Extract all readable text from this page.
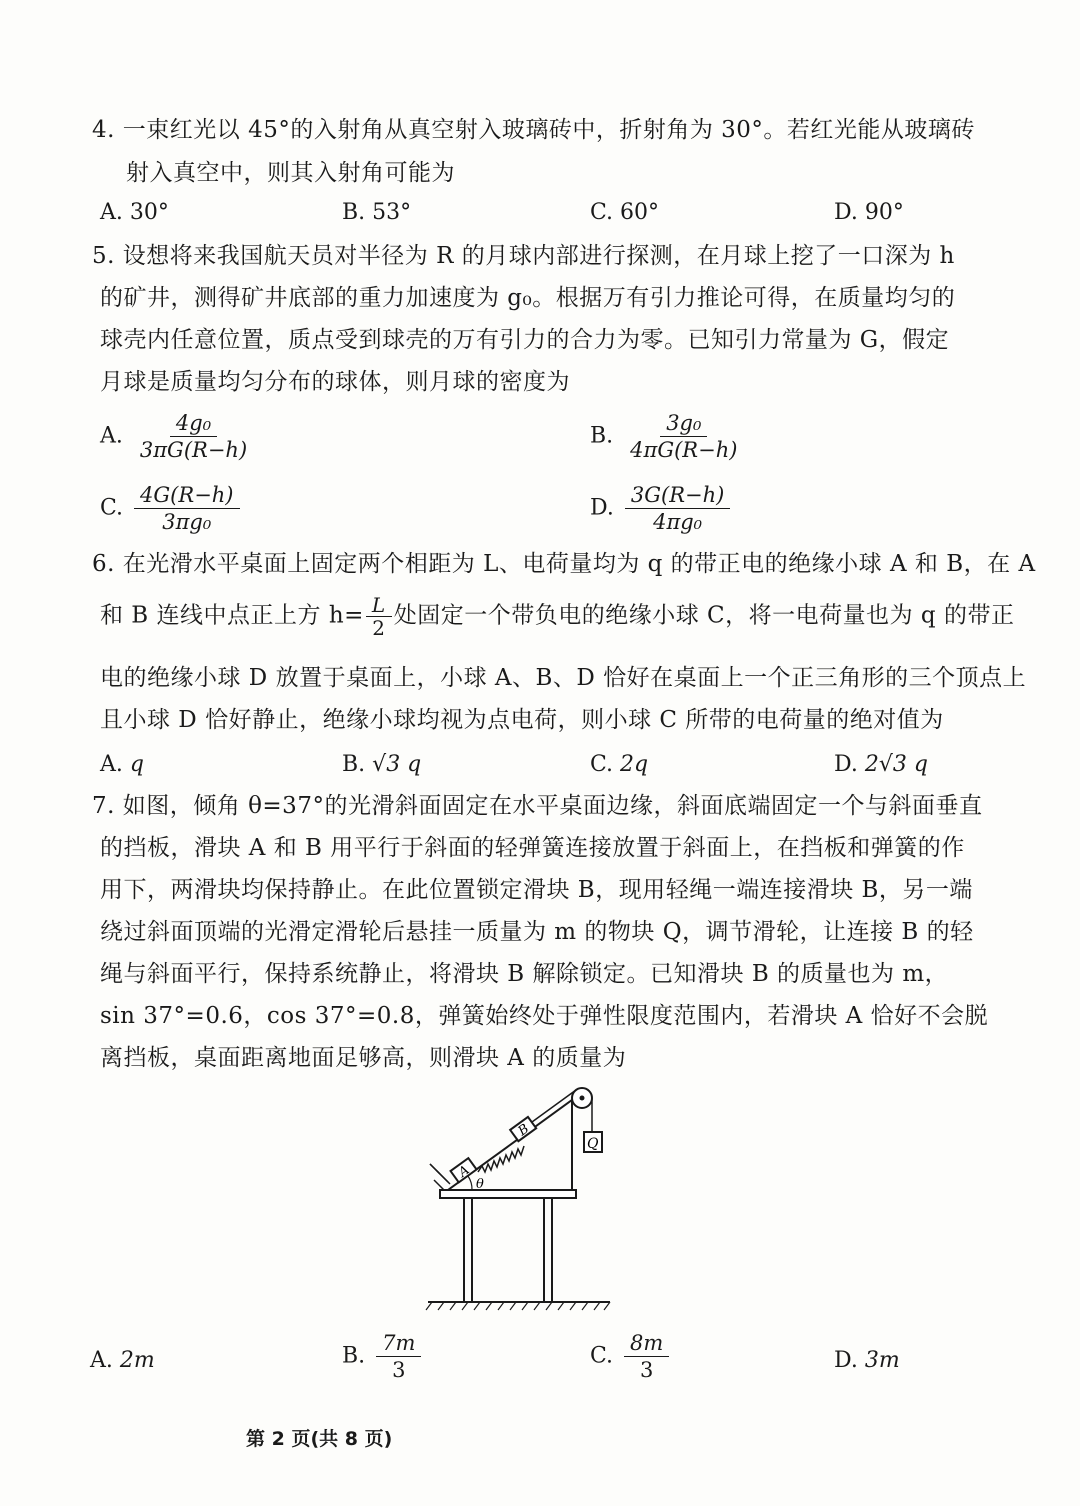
4. 一束红光以 45°的入射角从真空射入玻璃砖中，折射角为 30°。若红光能从玻璃砖
射入真空中，则其入射角可能为
A. 30°	B. 53°	C. 60°	D. 90°
5. 设想将来我国航天员对半径为 R 的月球内部进行探测，在月球上挖了一口深为 h
的矿井，测得矿井底部的重力加速度为 g₀。根据万有引力推论可得，在质量均匀的
球壳内任意位置，质点受到球壳的万有引力的合力为零。已知引力常量为 G，假定
月球是质量均匀分布的球体，则月球的密度为
A. $\frac{\text{4g₀}}{3\pi G(R-h)}$	B. $\frac{\text{3g₀}}{4\pi G(R-h)}$
C. $\frac{4G(R-h)}{\text{3πg₀}}$	D. $\frac{3G(R-h)}{\text{4πg₀}}$
6. 在光滑水平桌面上固定两个相距为 L、电荷量均为 q 的带正电的绝缘小球 A 和 B，在 A
和 B 连线中点正上方 $h= \frac{L}{2}$ 处固定一个带负电的绝缘小球 C，将一电荷量也为 q 的带正
电的绝缘小球 D 放置于桌面上，小球 A、B、D 恰好在桌面上一个正三角形的三个顶点上
且小球 D 恰好静止，绝缘小球均视为点电荷，则小球 C 所带的电荷量的绝对值为
A. q	B. √3 q	C. 2q	D. 2√3 q
7. 如图，倾角 θ=37°的光滑斜面固定在水平桌面边缘，斜面底端固定一个与斜面垂直
的挡板，滑块 A 和 B 用平行于斜面的轻弹簧连接放置于斜面上，在挡板和弹簧的作
用下，两滑块均保持静止。在此位置锁定滑块 B，现用轻绳一端连接滑块 B，另一端
绕过斜面顶端的光滑定滑轮后悬挂一质量为 m 的物块 Q，调节滑轮，让连接 B 的轻
绳与斜面平行，保持系统静止，将滑块 B 解除锁定。已知滑块 B 的质量也为 m，
sin 37°=0.6，cos 37°=0.8，弹簧始终处于弹性限度范围内，若滑块 A 恰好不会脱
离挡板，桌面距离地面足够高，则滑块 A 的质量为
Q
A
B
θ
A. 2m	B. $\frac{7m}{3}$	C. $\frac{8m}{3}$	D. 3m
第 2 页(共 8 页)
